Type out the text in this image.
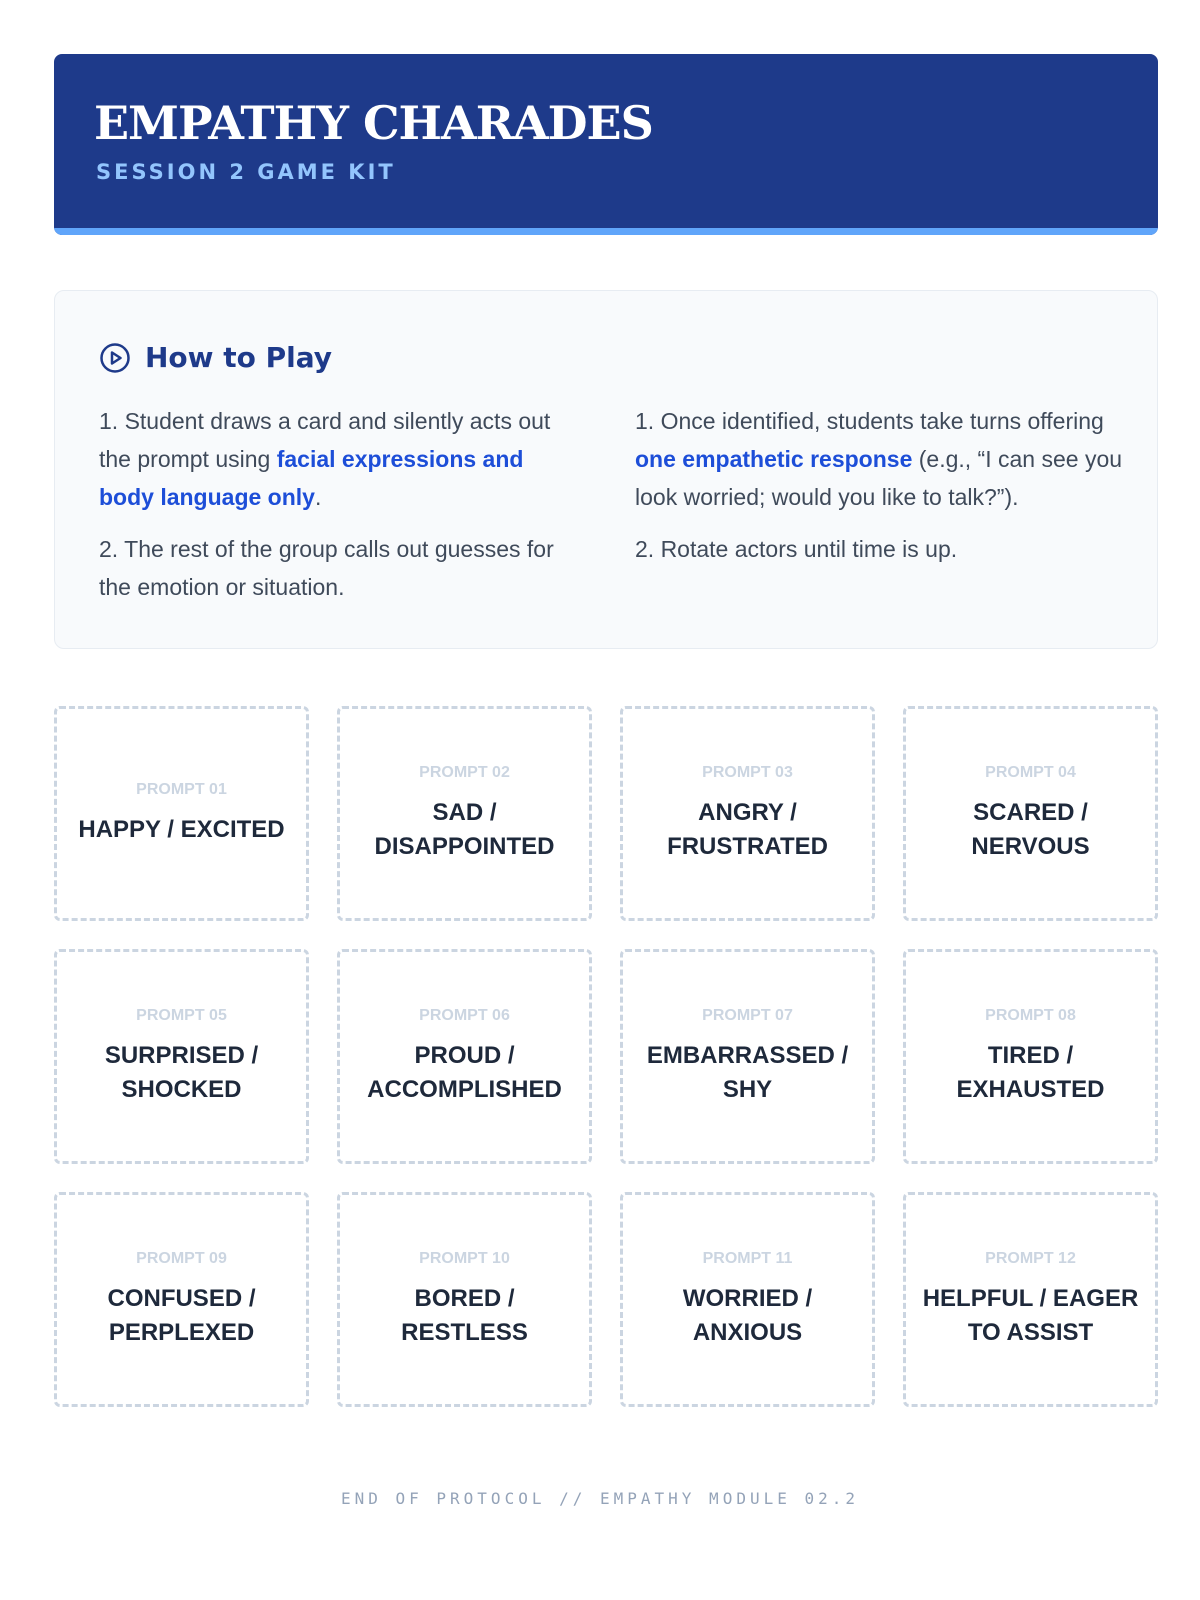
EMPATHY CHARADES
SESSION 2 GAME KIT
How to Play

1. Student draws a card and silently acts out the prompt using facial expressions and body language only.

2. The rest of the group calls out guesses for the emotion or situation.

1. Once identified, students take turns offering one empathetic response (e.g., “I can see you look worried; would you like to talk?”).

2. Rotate actors until time is up.

PROMPT 01
HAPPY / EXCITED
PROMPT 02
SAD / DISAPPOINTED
PROMPT 03
ANGRY / FRUSTRATED
PROMPT 04
SCARED / NERVOUS
PROMPT 05
SURPRISED / SHOCKED
PROMPT 06
PROUD / ACCOMPLISHED
PROMPT 07
EMBARRASSED / SHY
PROMPT 08
TIRED / EXHAUSTED
PROMPT 09
CONFUSED / PERPLEXED
PROMPT 10
BORED / RESTLESS
PROMPT 11
WORRIED / ANXIOUS
PROMPT 12
HELPFUL / EAGER TO ASSIST
END OF PROTOCOL // EMPATHY MODULE 02.2
